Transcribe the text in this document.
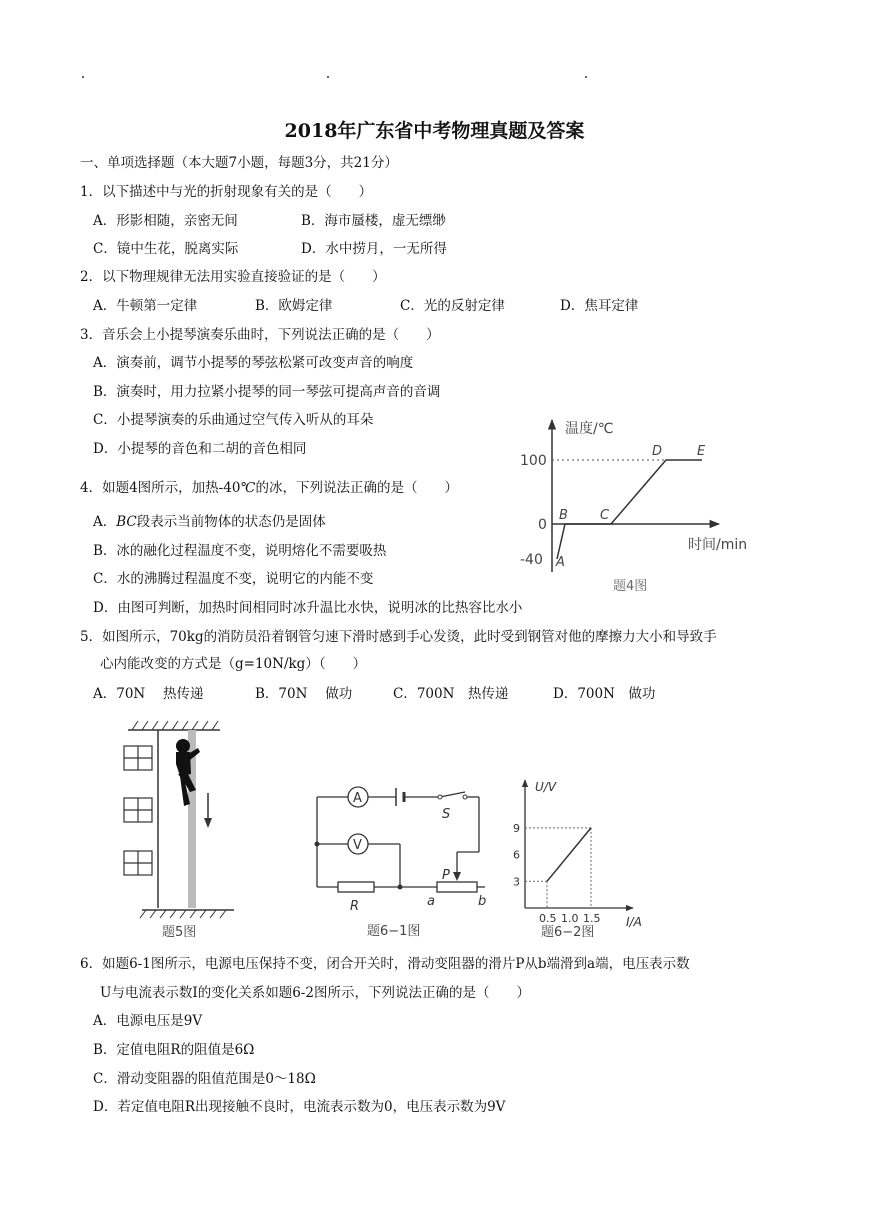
2018年广东省中考物理真题及答案
一、单项选择题（本大题7小题，每题3分，共21分）
1．以下描述中与光的折射现象有关的是（　　）
A．形影相随，亲密无间	B．海市蜃楼，虚无缥缈
C．镜中生花，脱离实际	D．水中捞月，一无所得
2．以下物理规律无法用实验直接验证的是（　　）
A．牛顿第一定律	B．欧姆定律	C．光的反射定律	D．焦耳定律
3．音乐会上小提琴演奏乐曲时，下列说法正确的是（　　）
A．演奏前，调节小提琴的琴弦松紧可改变声音的响度
B．演奏时，用力拉紧小提琴的同一琴弦可提高声音的音调
C．小提琴演奏的乐曲通过空气传入听从的耳朵
D．小提琴的音色和二胡的音色相同
4．如题4图所示，加热-40℃的冰，下列说法正确的是（　　）
A．BC段表示当前物体的状态仍是固体
B．冰的融化过程温度不变，说明熔化不需要吸热
C．水的沸腾过程温度不变，说明它的内能不变
D．由图可判断，加热时间相同时冰升温比水快，说明冰的比热容比水小
温度/℃
时间/min
100
0
-40 A
B C
D	E
题4图
5．如图所示，70kg的消防员沿着钢管匀速下滑时感到手心发烫，此时受到钢管对他的摩擦力大小和导致手
心内能改变的方式是（g=10N/kg）（　　）
A．70N　 热传递	B．70N　 做功	C．700N　热传递	D．700N　做功
题5图
A
V
S
P
R	a	b
题6−1图
0.5 1.0 1.5
3
6
9
U/V
I/A
题6−2图
6．如题6-1图所示，电源电压保持不变，闭合开关时，滑动变阻器的滑片P从b端滑到a端，电压表示数
U与电流表示数I的变化关系如题6-2图所示，下列说法正确的是（　　）
A．电源电压是9V
B．定值电阻R的阻值是6Ω
C．滑动变阻器的阻值范围是0～18Ω
D．若定值电阻R出现接触不良时，电流表示数为0，电压表示数为9V
